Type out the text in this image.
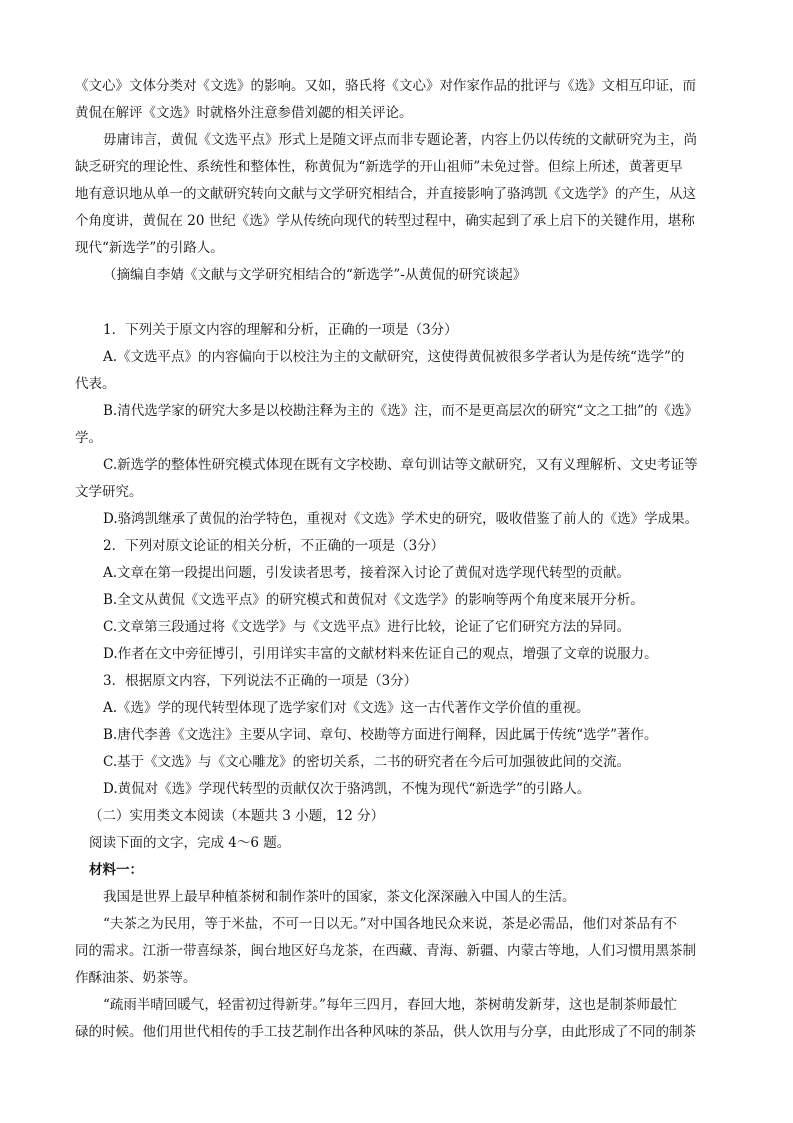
《文心》文体分类对《文选》的影响。又如，骆氏将《文心》对作家作品的批评与《选》文相互印证，而
黄侃在解评《文选》时就格外注意参借刘勰的相关评论。
毋庸讳言，黄侃《文选平点》形式上是随文评点而非专题论著，内容上仍以传统的文献研究为主，尚
缺乏研究的理论性、系统性和整体性，称黄侃为“新选学的开山祖师”未免过誉。但综上所述，黄著更早
地有意识地从单一的文献研究转向文献与文学研究相结合，并直接影响了骆鸿凯《文选学》的产生，从这
个角度讲，黄侃在 20 世纪《选》学从传统向现代的转型过程中，确实起到了承上启下的关键作用，堪称
现代“新选学”的引路人。
（摘编自李婧《文献与文学研究相结合的“新选学”-从黄侃的研究谈起》
1．下列关于原文内容的理解和分析，正确的一项是（3分）
A.《文选平点》的内容偏向于以校注为主的文献研究，这使得黄侃被很多学者认为是传统“选学”的
代表。
B.清代选学家的研究大多是以校勘注释为主的《选》注，而不是更高层次的研究“文之工拙”的《选》
学。
C.新选学的整体性研究模式体现在既有文字校勘、章句训诂等文献研究，又有义理解析、文史考证等
文学研究。
D.骆鸿凯继承了黄侃的治学特色，重视对《文选》学术史的研究，吸收借鉴了前人的《选》学成果。
2．下列对原文论证的相关分析，不正确的一项是（3分）
A.文章在第一段提出问题，引发读者思考，接着深入讨论了黄侃对选学现代转型的贡献。
B.全文从黄侃《文选平点》的研究模式和黄侃对《文选学》的影响等两个角度来展开分析。
C.文章第三段通过将《文选学》与《文选平点》进行比较，论证了它们研究方法的异同。
D.作者在文中旁征博引，引用详实丰富的文献材料来佐证自己的观点，增强了文章的说服力。
3．根据原文内容，下列说法不正确的一项是（3分）
A.《选》学的现代转型体现了选学家们对《文选》这一古代著作文学价值的重视。
B.唐代李善《文选注》主要从字词、章句、校勘等方面进行阐释，因此属于传统“选学”著作。
C.基于《文选》与《文心雕龙》的密切关系，二书的研究者在今后可加强彼此间的交流。
D.黄侃对《选》学现代转型的贡献仅次于骆鸿凯，不愧为现代“新选学”的引路人。
（二）实用类文本阅读（本题共 3 小题，12 分）
阅读下面的文字，完成 4～6 题。
材料一：
我国是世界上最早种植茶树和制作茶叶的国家，茶文化深深融入中国人的生活。
“夫茶之为民用，等于米盐，不可一日以无。”对中国各地民众来说，茶是必需品，他们对茶品有不
同的需求。江浙一带喜绿茶，闽台地区好乌龙茶，在西藏、青海、新疆、内蒙古等地，人们习惯用黑茶制
作酥油茶、奶茶等。
“疏雨半晴回暖气，轻雷初过得新芽。”每年三四月，春回大地，茶树萌发新芽，这也是制茶师最忙
碌的时候。他们用世代相传的手工技艺制作出各种风味的茶品，供人饮用与分享，由此形成了不同的制茶
